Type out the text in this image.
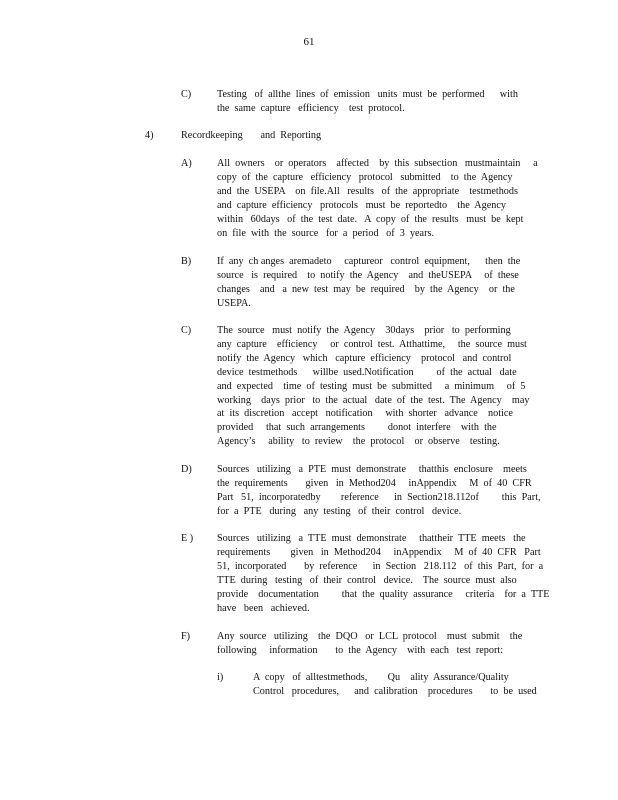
61
C)	Testing   of  allthe  lines  of  emission   units  must  be  performed      with
the  same  capture   efficiency    test  protocol.
4)	Recordkeeping       and  Reporting
A) All  owners    or  operators    affected    by  this  subsection   mustmaintain     a
copy  of  the  capture   efficiency   protocol   submitted    to  the  Agency
and  the  USEPA    on  file.All   results   of  the  appropriate    testmethods
and  capture  efficiency   protocols   must  be  reportedto    the  Agency
within   60days   of  the  test  date.   A  copy  of  the  results   must  be  kept
on  file  with  the  source   for  a  period   of  3  years.
B)	If  any  ch anges  aremadeto     captureor   control  equipment,      then  the
source   is  required    to  notify  the  Agency    and  theUSEPA     of  these
changes    and   a  new  test  may  be  required    by  the  Agency    or  the
USEPA.
C)	The  source   must  notify  the  Agency    30days    prior   to  performing
any  capture    efficiency     or  control  test.  Atthattime,     the  source  must
notify  the  Agency   which   capture  efficiency    protocol   and  control
device  testmethods      willbe  used.Notification         of  the  actual   date
and  expected    time  of  testing  must  be  submitted     a  minimum     of  5
working    days  prior   to  the  actual   date  of  the  test.  The  Agency    may
at  its  discretion   accept   notification     with  shorter   advance    notice
provided     that  such  arrangements         donot  interfere    with  the
Agency’s     ability   to  review    the  protocol    or  observe    testing.
D) Sources   utilizing   a  PTE  must  demonstrate     thatthis  enclosure    meets
the  requirements       given   in  Method204     inAppendix     M  of  40  CFR
Part   51,  incorporatedby        reference      in  Section218.112of         this  Part,
for  a  PTE   during   any  testing   of  their  control   device.
E ) Sources   utilizing   a  TTE  must  demonstrate     thattheir  TTE  meets   the
requirements        given   in  Method204     inAppendix     M  of  40  CFR   Part
51,  incorporated       by  reference      in  Section   218.112   of  this  Part,  for  a
TTE  during   testing   of  their  control   device.    The  source  must  also
provide    documentation         that  the  quality  assurance     criteria    for  a  TTE
have   been   achieved.
F)	Any  source   utilizing    the  DQO   or  LCL  protocol    must  submit    the
following     information       to  the  Agency    with  each   test  report:
i)	A  copy   of  alltestmethods,        Qu    ality  Assurance/Quality
Control   procedures,      and  calibration    procedures       to  be  used
